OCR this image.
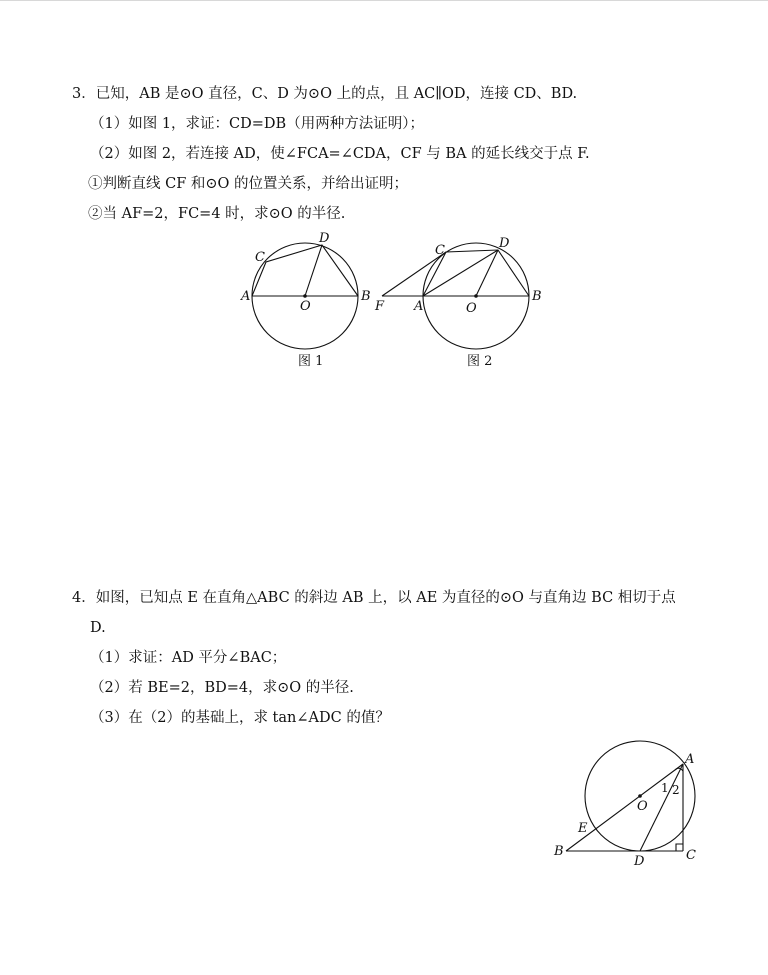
3．已知，AB 是⊙O 直径，C、D 为⊙O 上的点，且 AC∥OD，连接 CD、BD.
（1）如图 1，求证：CD=DB（用两种方法证明）；
（2）如图 2，若连接 AD，使∠FCA=∠CDA，CF 与 BA 的延长线交于点 F.
①判断直线 CF 和⊙O 的位置关系，并给出证明；
②当 AF=2，FC=4 时，求⊙O 的半径.
A	B
C
D
O
图 1
F A
B
C	D
O
图 2
4．如图，已知点 E 在直角△ABC 的斜边 AB 上，以 AE 为直径的⊙O 与直角边 BC 相切于点
D.
（1）求证：AD 平分∠BAC；
（2）若 BE=2，BD=4，求⊙O 的半径.
（3）在（2）的基础上，求 tan∠ADC 的值？
A
B	C
D
E
O
1 2
